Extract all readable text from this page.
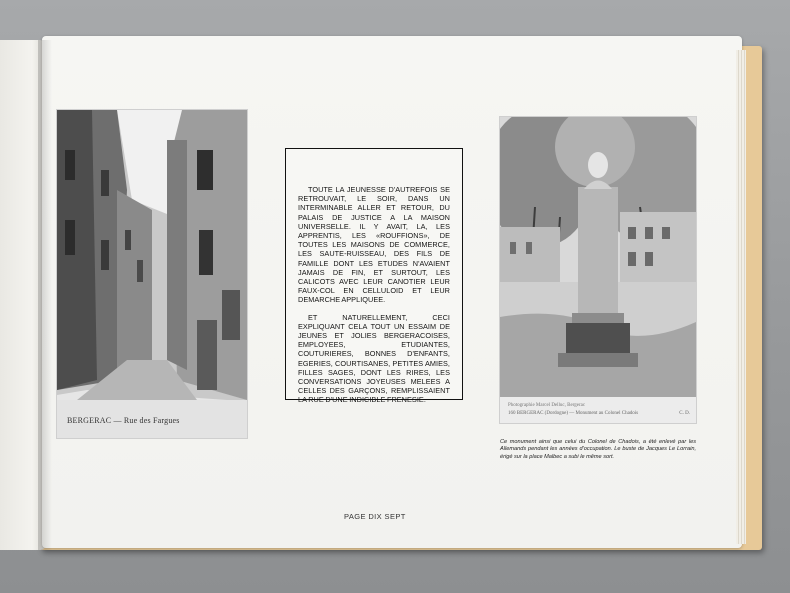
BERGERAC — Rue des Fargues

TOUTE LA JEUNESSE D'AUTREFOIS SE RETROUVAIT, LE SOIR, DANS UN INTERMINABLE ALLER ET RETOUR, DU PALAIS DE JUSTICE A LA MAISON UNIVERSELLE. IL Y AVAIT, LA, LES APPRENTIS, LES «ROUFFIONS», DE TOUTES LES MAISONS DE COMMERCE, LES SAUTE-RUISSEAU, DES FILS DE FAMILLE DONT LES ETUDES N'AVAIENT JAMAIS DE FIN, ET SURTOUT, LES CALICOTS AVEC LEUR CANOTIER LEUR FAUX-COL EN CELLULOID ET LEUR DEMARCHE APPLIQUEE.

ET NATURELLEMENT, CECI EXPLIQUANT CELA TOUT UN ESSAIM DE JEUNES ET JOLIES BERGERACOISES, EMPLOYEES, ETUDIANTES, COUTURIERES, BONNES D'ENFANTS, EGERIES, COURTISANES, PETITES AMIES, FILLES SAGES, DONT LES RIRES, LES CONVERSATIONS JOYEUSES MELEES A CELLES DES GARÇONS, REMPLISSAIENT LA RUE D'UNE INDICIBLE FRENESIE.

Photographie Marcel Delluc, Bergerac
160 BERGERAC (Dordogne) — Monument au Colonel Chadois	C. D.

Ce monument ainsi que celui du Colonel de Chadois, a été enlevé par les Allemands pendant les années d'occupation. Le buste de Jacques Le Lorrain, érigé sur la place Malbec a subi le même sort.

PAGE DIX SEPT
